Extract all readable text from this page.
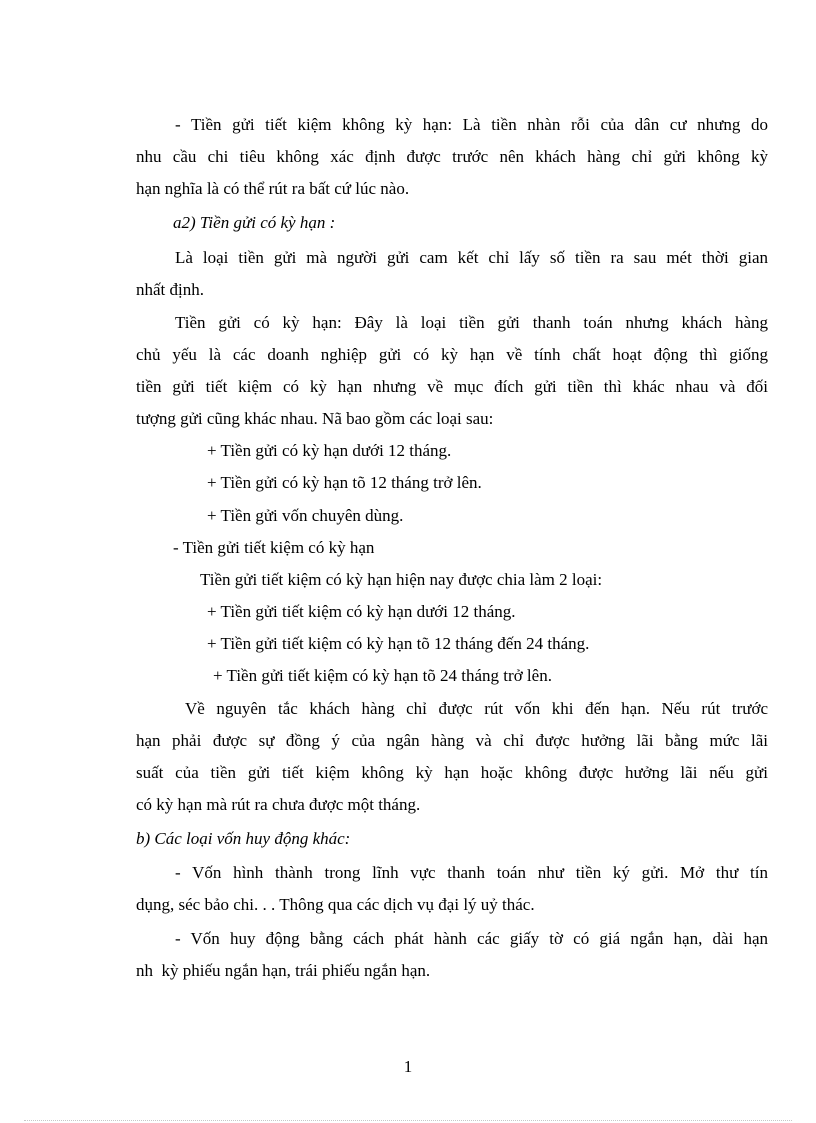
- Tiền gửi tiết kiệm không kỳ hạn: Là tiền nhàn rỗi của dân cư nhưng do
nhu cầu chi tiêu không xác định được trước nên khách hàng chỉ gửi không kỳ
hạn nghĩa là có thể rút ra bất cứ lúc nào.
a2) Tiền gửi có kỳ hạn :
Là loại tiền gửi mà người gửi cam kết chỉ lấy số tiền ra sau mét thời gian
nhất định.
Tiền gửi có kỳ hạn: Đây là loại tiền gửi thanh toán nhưng khách hàng
chủ yếu là các doanh nghiệp gửi có kỳ hạn về tính chất hoạt động thì giống
tiền gửi tiết kiệm có kỳ hạn nhưng về mục đích gửi tiền thì khác nhau và đối
tượng gửi cũng khác nhau. Nã bao gồm các loại sau:
+ Tiền gửi có kỳ hạn dưới 12 tháng.
+ Tiền gửi có kỳ hạn tõ 12 tháng trở lên.
+ Tiền gửi vốn chuyên dùng.
- Tiền gửi tiết kiệm có kỳ hạn
Tiền gửi tiết kiệm có kỳ hạn hiện nay được chia làm 2 loại:
+ Tiền gửi tiết kiệm có kỳ hạn dưới 12 tháng.
+ Tiền gửi tiết kiệm có kỳ hạn tõ 12 tháng đến 24 tháng.
+ Tiền gửi tiết kiệm có kỳ hạn tõ 24 tháng trở lên.
Về nguyên tắc khách hàng chỉ được rút vốn khi đến hạn. Nếu rút trước
hạn phải được sự đồng ý của ngân hàng và chỉ được hưởng lãi bằng mức lãi
suất của tiền gửi tiết kiệm không kỳ hạn hoặc không được hưởng lãi nếu gửi
có kỳ hạn mà rút ra chưa được một tháng.
b) Các loại vốn huy động khác:
- Vốn hình thành trong lĩnh vực thanh toán như tiền ký gửi. Mở thư tín
dụng, séc bảo chi. . . Thông qua các dịch vụ đại lý uỷ thác.
- Vốn huy động bằng cách phát hành các giấy tờ có giá ngắn hạn, dài hạn
nh  kỳ phiếu ngắn hạn, trái phiếu ngắn hạn.
1
